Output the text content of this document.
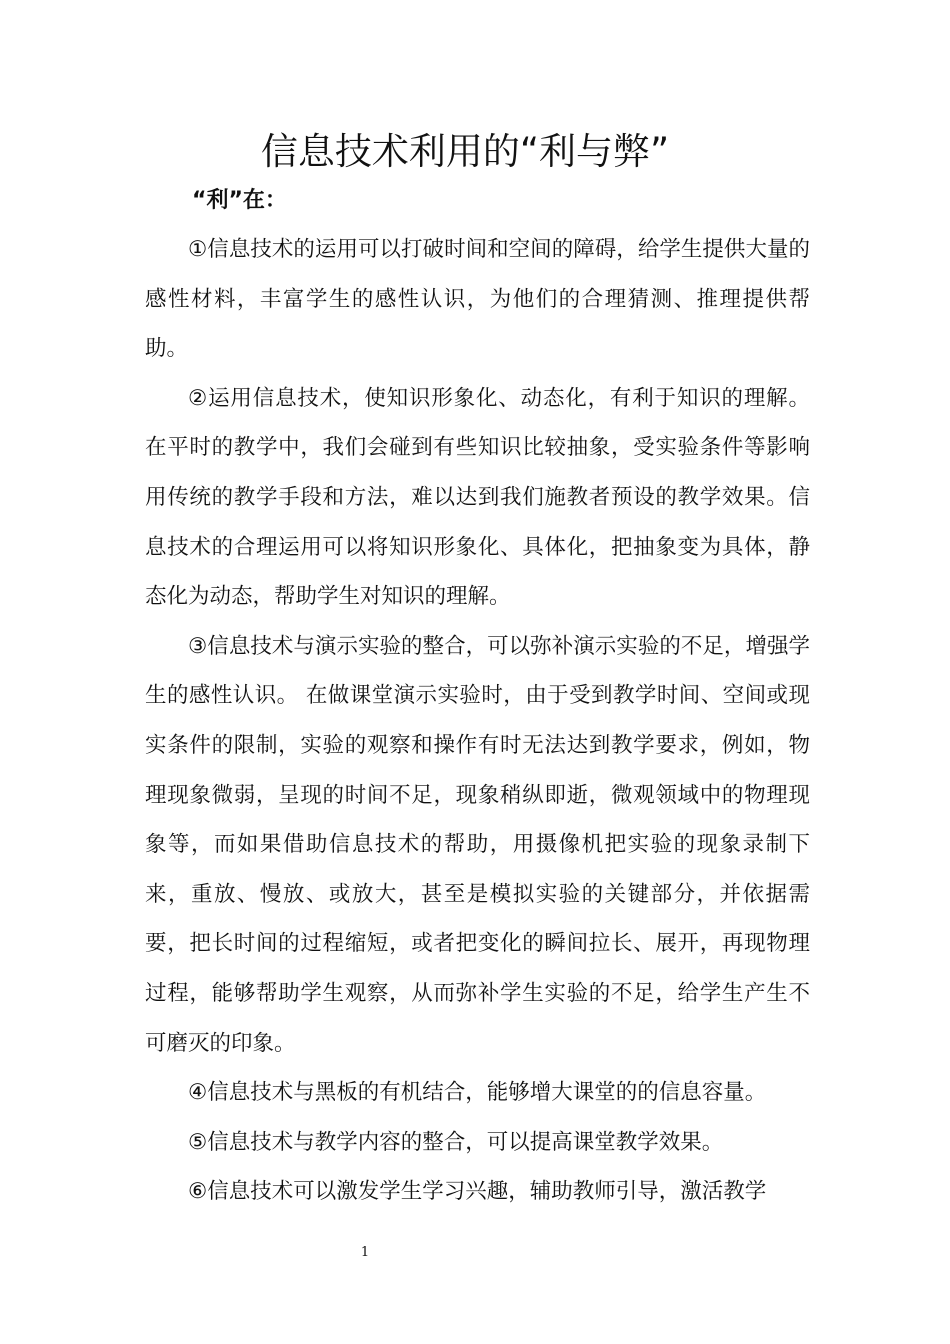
信息技术利用的“利与弊”
“利”在：

①信息技术的运用可以打破时间和空间的障碍，给学生提供大量的感性材料，丰富学生的感性认识，为他们的合理猜测、推理提供帮助。

②运用信息技术，使知识形象化、动态化，有利于知识的理解。 在平时的教学中，我们会碰到有些知识比较抽象，受实验条件等影响用传统的教学手段和方法，难以达到我们施教者预设的教学效果。信息技术的合理运用可以将知识形象化、具体化，把抽象变为具体，静态化为动态，帮助学生对知识的理解。

③信息技术与演示实验的整合，可以弥补演示实验的不足，增强学生的感性认识。 在做课堂演示实验时，由于受到教学时间、空间或现实条件的限制，实验的观察和操作有时无法达到教学要求，例如，物理现象微弱，呈现的时间不足，现象稍纵即逝，微观领域中的物理现象等，而如果借助信息技术的帮助，用摄像机把实验的现象录制下来，重放、慢放、或放大，甚至是模拟实验的关键部分，并依据需要，把长时间的过程缩短，或者把变化的瞬间拉长、展开，再现物理过程，能够帮助学生观察，从而弥补学生实验的不足，给学生产生不可磨灭的印象。

④信息技术与黑板的有机结合，能够增大课堂的的信息容量。

⑤信息技术与教学内容的整合，可以提高课堂教学效果。

⑥信息技术可以激发学生学习兴趣，辅助教师引导，激活教学

1
